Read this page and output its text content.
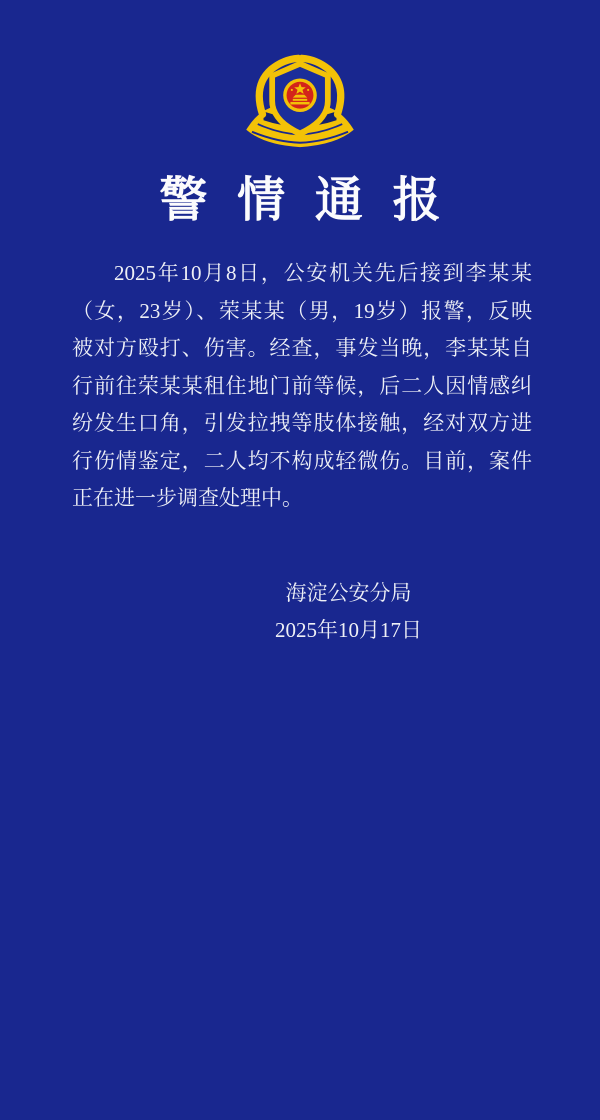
警情通报
2025年10月8日，公安机关先后接到李某某
（女，23岁）、荣某某（男，19岁）报警，反映
被对方殴打、伤害。经查，事发当晚，李某某自
行前往荣某某租住地门前等候，后二人因情感纠
纷发生口角，引发拉拽等肢体接触，经对双方进
行伤情鉴定，二人均不构成轻微伤。目前，案件
正在进一步调查处理中。
海淀公安分局
2025年10月17日
